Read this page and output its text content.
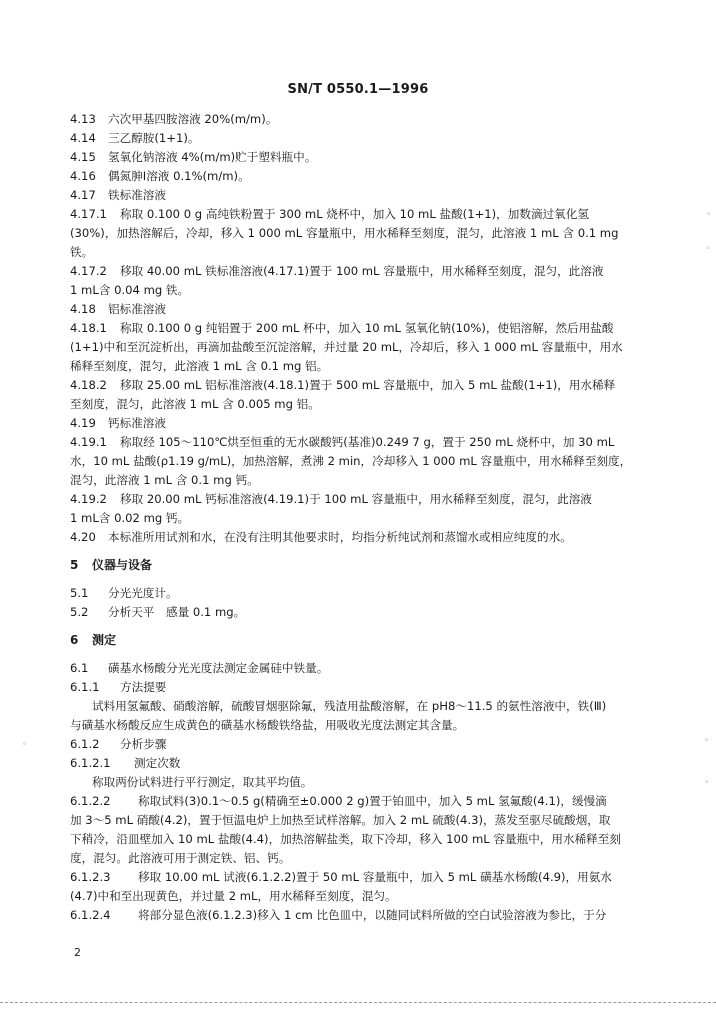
SN/T 0550.1—1996
4.13 六次甲基四胺溶液 20%(m/m)。
4.14 三乙醇胺(1+1)。
4.15 氢氧化钠溶液 4%(m/m)贮于塑料瓶中。
4.16 偶氮胂Ⅰ溶液 0.1%(m/m)。
4.17 铁标准溶液
4.17.1 称取 0.100 0 g 高纯铁粉置于 300 mL 烧杯中，加入 10 mL 盐酸(1+1)，加数滴过氧化氢
(30%)，加热溶解后，冷却，移入 1 000 mL 容量瓶中，用水稀释至刻度，混匀，此溶液 1 mL 含 0.1 mg
铁。
4.17.2 移取 40.00 mL 铁标准溶液(4.17.1)置于 100 mL 容量瓶中，用水稀释至刻度，混匀，此溶液
1 mL含 0.04 mg 铁。
4.18 铝标准溶液
4.18.1 称取 0.100 0 g 纯铝置于 200 mL 杯中，加入 10 mL 氢氧化钠(10%)，使铝溶解，然后用盐酸
(1+1)中和至沉淀析出，再滴加盐酸至沉淀溶解，并过量 20 mL，冷却后，移入 1 000 mL 容量瓶中，用水
稀释至刻度，混匀，此溶液 1 mL 含 0.1 mg 铝。
4.18.2 移取 25.00 mL 铝标准溶液(4.18.1)置于 500 mL 容量瓶中，加入 5 mL 盐酸(1+1)，用水稀释
至刻度，混匀，此溶液 1 mL 含 0.005 mg 铝。
4.19 钙标准溶液
4.19.1 称取经 105～110℃烘至恒重的无水碳酸钙(基准)0.249 7 g，置于 250 mL 烧杯中，加 30 mL
水，10 mL 盐酸(ρ1.19 g/mL)，加热溶解，煮沸 2 min，冷却移入 1 000 mL 容量瓶中，用水稀释至刻度，
混匀，此溶液 1 mL 含 0.1 mg 钙。
4.19.2 移取 20.00 mL 钙标准溶液(4.19.1)于 100 mL 容量瓶中，用水稀释至刻度，混匀，此溶液
1 mL含 0.02 mg 钙。
4.20 本标准所用试剂和水，在没有注明其他要求时，均指分析纯试剂和蒸馏水或相应纯度的水。
5 仪器与设备
5.1 分光光度计。
5.2 分析天平　感量 0.1 mg。
6 测定
6.1 磺基水杨酸分光光度法测定金属硅中铁量。
6.1.1 方法提要
试料用氢氟酸、硝酸溶解，硫酸冒烟驱除氟，残渣用盐酸溶解，在 pH8～11.5 的氨性溶液中，铁(Ⅲ)
与磺基水杨酸反应生成黄色的磺基水杨酸铁络盐，用吸收光度法测定其含量。
6.1.2 分析步骤
6.1.2.1 测定次数
称取两份试料进行平行测定，取其平均值。
6.1.2.2 称取试料(3)0.1～0.5 g(精确至±0.000 2 g)置于铂皿中，加入 5 mL 氢氟酸(4.1)，缓慢滴
加 3～5 mL 硝酸(4.2)，置于恒温电炉上加热至试样溶解。加入 2 mL 硫酸(4.3)，蒸发至驱尽硫酸烟，取
下稍冷，沿皿壁加入 10 mL 盐酸(4.4)，加热溶解盐类，取下冷却，移入 100 mL 容量瓶中，用水稀释至刻
度，混匀。此溶液可用于测定铁、铝、钙。
6.1.2.3 移取 10.00 mL 试液(6.1.2.2)置于 50 mL 容量瓶中，加入 5 mL 磺基水杨酸(4.9)，用氨水
(4.7)中和至出现黄色，并过量 2 mL，用水稀释至刻度，混匀。
6.1.2.4 将部分显色液(6.1.2.3)移入 1 cm 比色皿中，以随同试料所做的空白试验溶液为参比，于分
2
◦
◦
◦	◦
◦
